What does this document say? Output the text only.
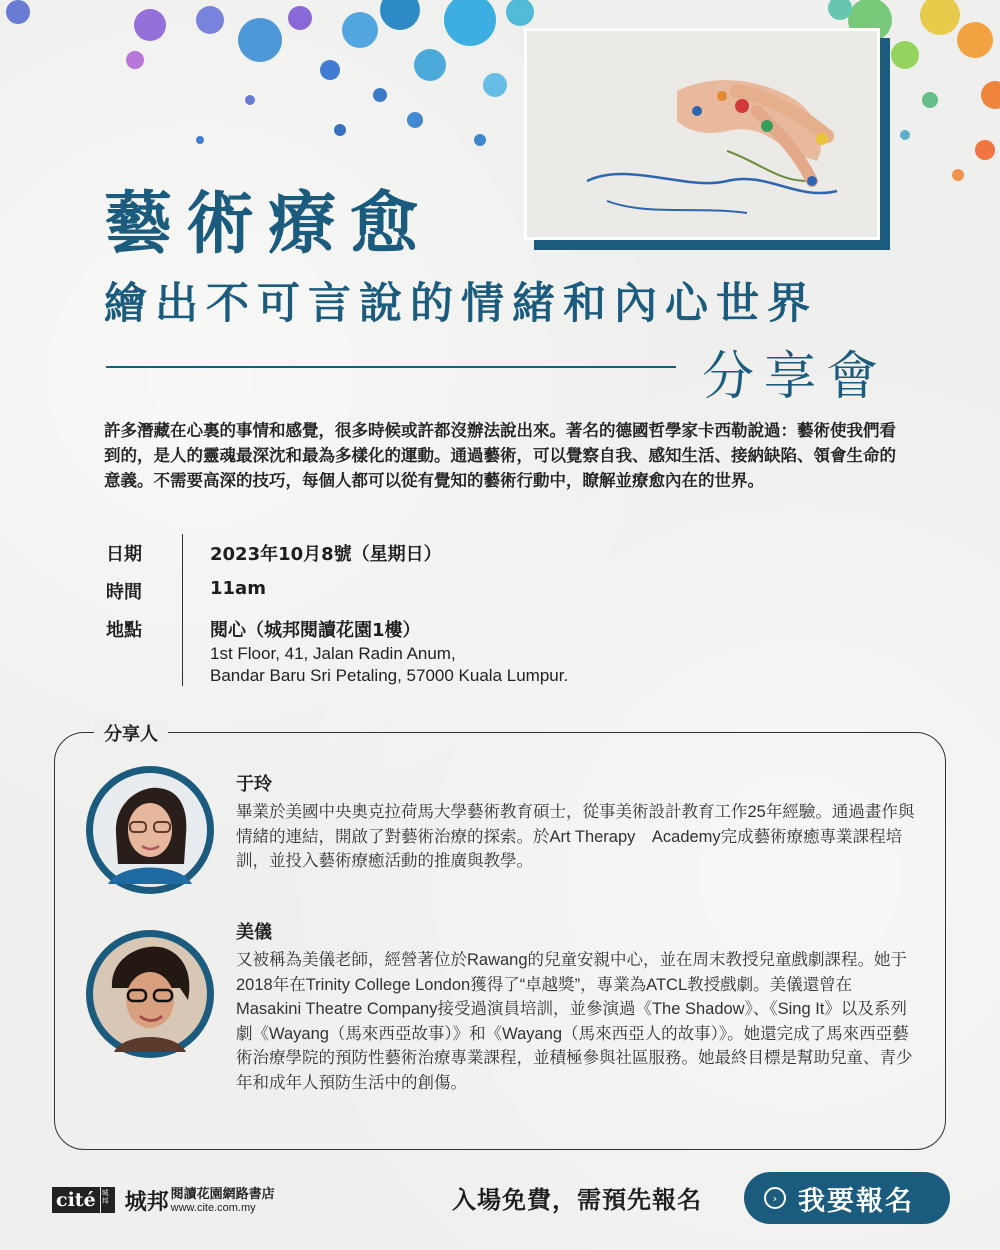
藝術療愈
繪出不可言說的情緒和內心世界
分享會

許多潛藏在心裏的事情和感覺，很多時候或許都沒辦法說出來。著名的德國哲學家卡西勒說過：藝術使我們看到的，是人的靈魂最深沈和最為多樣化的運動。通過藝術，可以覺察自我、感知生活、接納缺陷、領會生命的意義。不需要高深的技巧，每個人都可以從有覺知的藝術行動中，瞭解並療愈內在的世界。

日期	2023年10月8號（星期日）
時間	11am
地點	閱心（城邦閱讀花園1樓）
1st Floor, 41, Jalan Radin Anum,
Bandar Baru Sri Petaling, 57000 Kuala Lumpur.
分享人
于玲

畢業於美國中央奧克拉荷馬大學藝術教育碩士，從事美術設計教育工作25年經驗。通過畫作與情緒的連結，開啟了對藝術治療的探索。於Art Therapy　Academy完成藝術療癒專業課程培訓，並投入藝術療癒活動的推廣與教學。

美儀

又被稱為美儀老師，經營著位於Rawang的兒童安親中心，並在周末教授兒童戲劇課程。她于2018年在Trinity College London獲得了“卓越獎”，專業為ATCL教授戲劇。美儀還曾在Masakini Theatre Company接受過演員培訓，並參演過《The Shadow》、《Sing It》以及系列劇《Wayang（馬來西亞故事）》和《Wayang（馬來西亞人的故事）》。她還完成了馬來西亞藝術治療學院的預防性藝術治療專業課程，並積極參與社區服務。她最終目標是幫助兒童、青少年和成年人預防生活中的創傷。

cité 城邦 城邦 閱讀花園網路書店
www.cite.com.my	入場免費，需預先報名	› 我要報名
